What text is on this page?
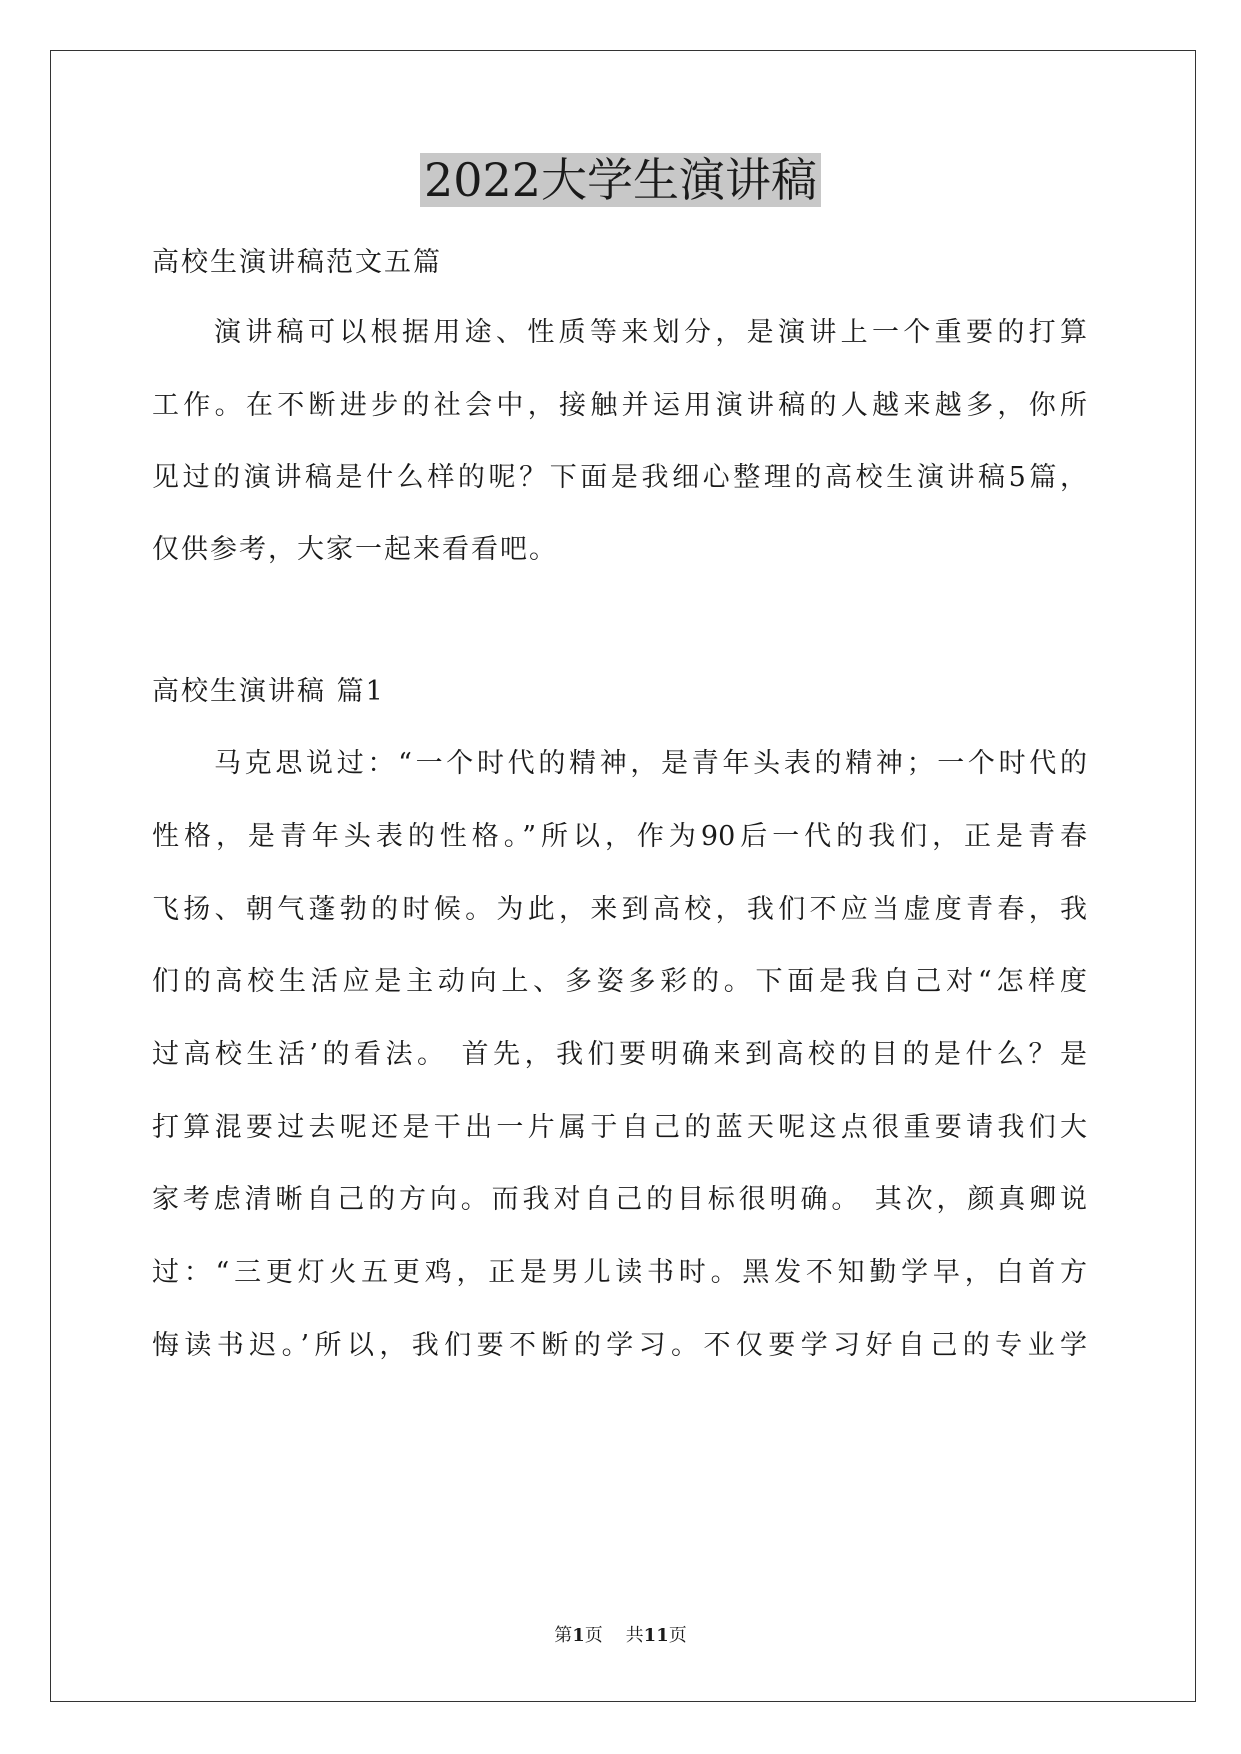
2022大学生演讲稿

高校生演讲稿范文五篇

演讲稿可以根据用途、性质等来划分，是演讲上一个重要的打算

工作。在不断进步的社会中，接触并运用演讲稿的人越来越多，你所

见过的演讲稿是什么样的呢？下面是我细心整理的高校生演讲稿5篇，

仅供参考，大家一起来看看吧。

高校生演讲稿 篇1

马克思说过：“一个时代的精神，是青年头表的精神；一个时代的

性格，是青年头表的性格。”所以，作为90后一代的我们，正是青春

飞扬、朝气蓬勃的时候。为此，来到高校，我们不应当虚度青春，我

们的高校生活应是主动向上、多姿多彩的。下面是我自己对“怎样度

过高校生活’的看法。 首先，我们要明确来到高校的目的是什么？是

打算混要过去呢还是干出一片属于自己的蓝天呢这点很重要请我们大

家考虑清晰自己的方向。而我对自己的目标很明确。 其次，颜真卿说

过：“三更灯火五更鸡，正是男儿读书时。黑发不知勤学早，白首方

悔读书迟。’所以，我们要不断的学习。不仅要学习好自己的专业学

第1页 共11页
